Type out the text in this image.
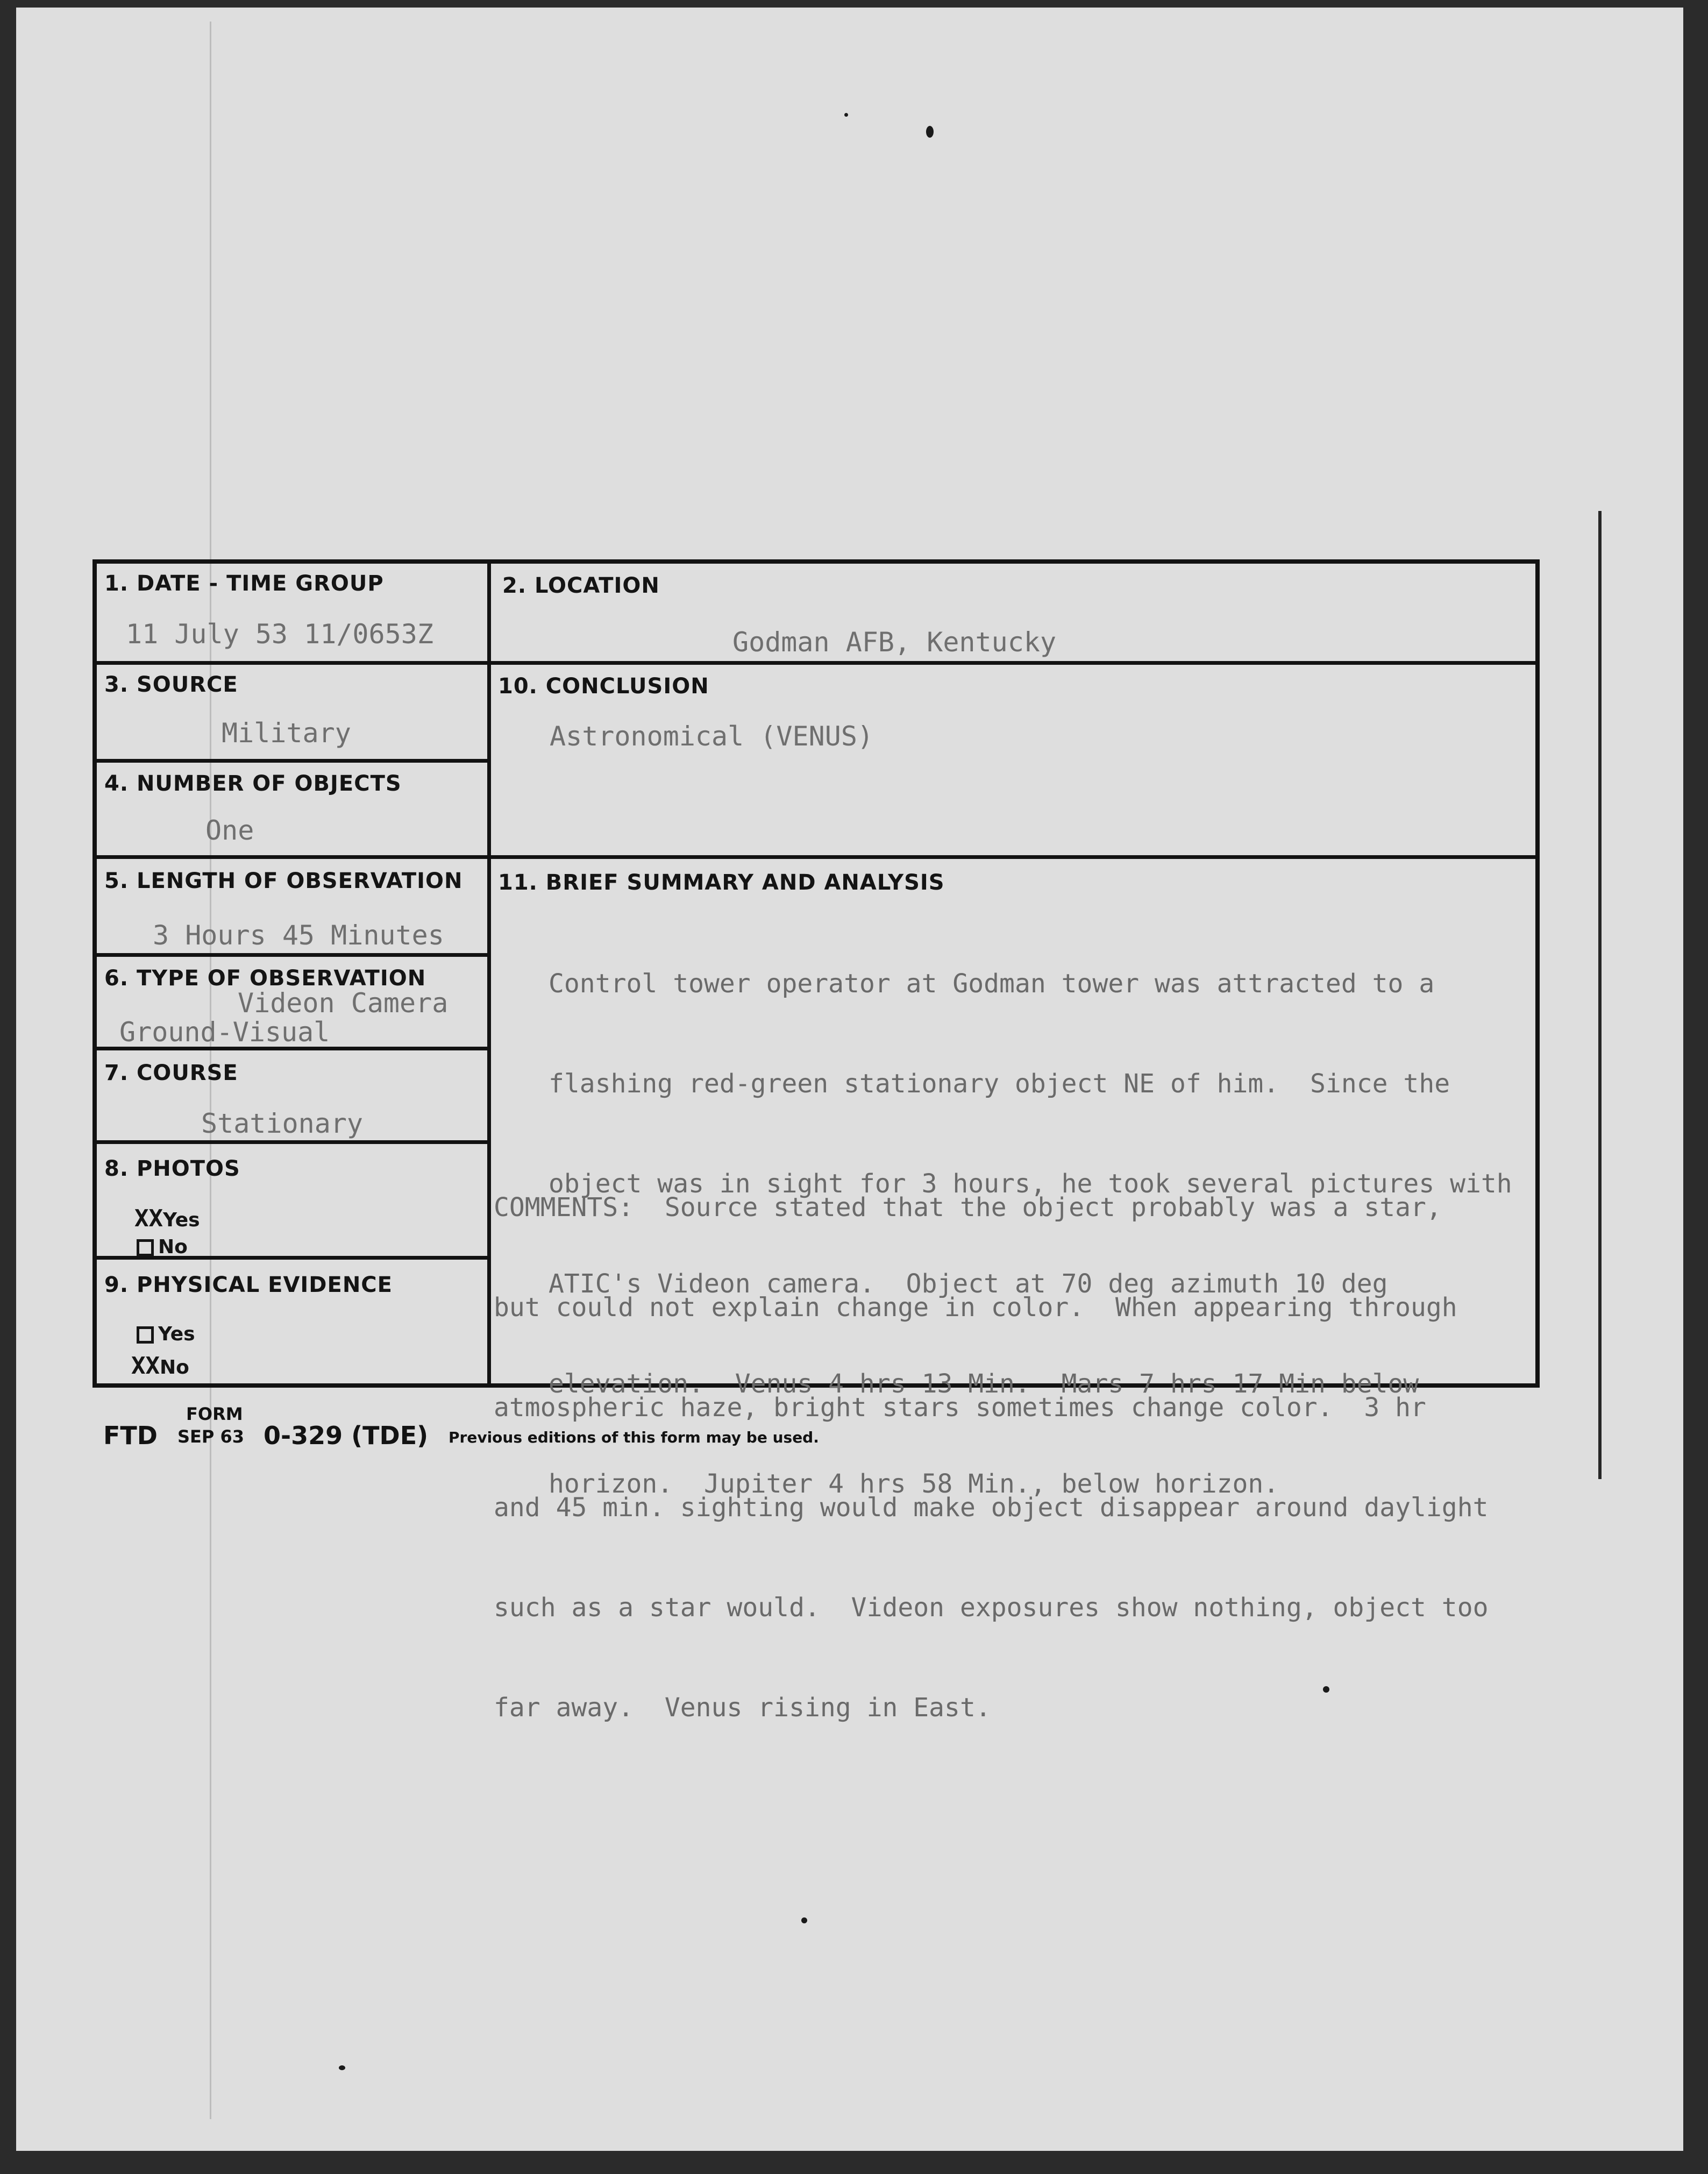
1. DATE - TIME GROUP
11 July 53 11/0653Z
2. LOCATION
Godman AFB, Kentucky
3. SOURCE
Military
10. CONCLUSION
Astronomical (VENUS)
4. NUMBER OF OBJECTS
One
5. LENGTH OF OBSERVATION
3 Hours 45 Minutes
6. TYPE OF OBSERVATION
Videon Camera
Ground-Visual
7. COURSE
Stationary
8. PHOTOS
XXYes
No
9. PHYSICAL EVIDENCE
Yes
XXNo
11. BRIEF SUMMARY AND ANALYSIS

Control tower operator at Godman tower was attracted to a

flashing red-green stationary object NE of him.  Since the

object was in sight for 3 hours, he took several pictures with

ATIC's Videon camera.  Object at 70 deg azimuth 10 deg

elevation.  Venus 4 hrs 13 Min.  Mars 7 hrs 17 Min below

horizon.  Jupiter 4 hrs 58 Min., below horizon.

COMMENTS:  Source stated that the object probably was a star,

but could not explain change in color.  When appearing through

atmospheric haze, bright stars sometimes change color.  3 hr

and 45 min. sighting would make object disappear around daylight

such as a star would.  Videon exposures show nothing, object too

far away.  Venus rising in East.

FTD
FORM
SEP 63 0-329 (TDE) Previous editions of this form may be used.
